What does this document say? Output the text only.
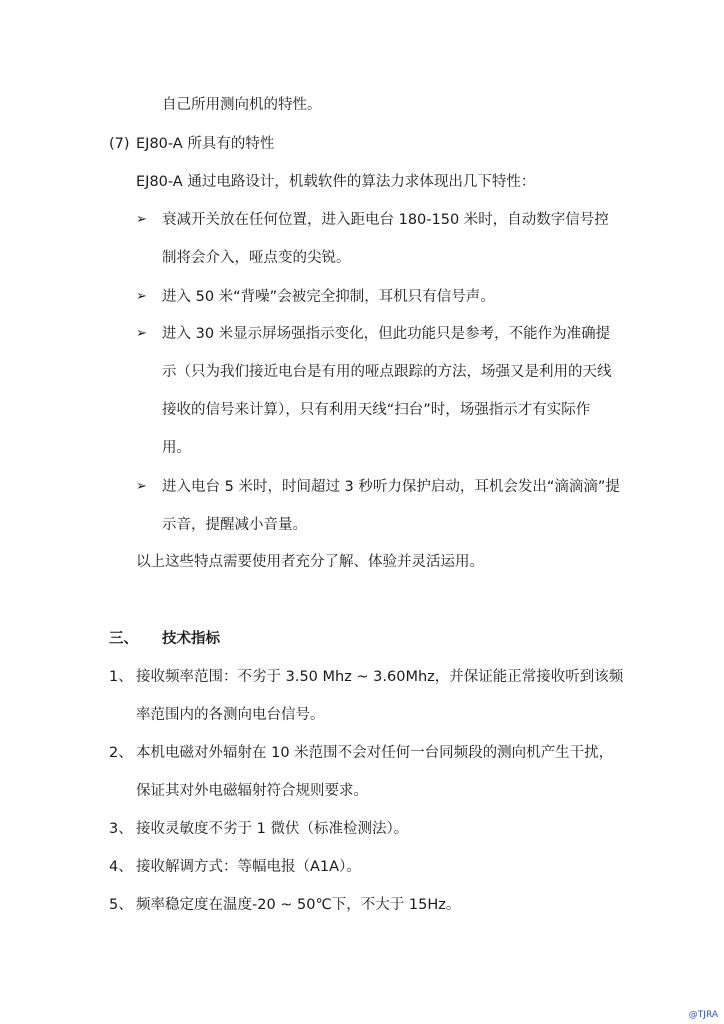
自己所用测向机的特性。
(7) EJ80-A 所具有的特性
EJ80-A 通过电路设计，机载软件的算法力求体现出几下特性：
➢ 衰减开关放在任何位置，进入距电台 180-150 米时，自动数字信号控
制将会介入，哑点变的尖锐。
➢ 进入 50 米“背噪”会被完全抑制，耳机只有信号声。
➢ 进入 30 米显示屏场强指示变化，但此功能只是参考，不能作为准确提
示（只为我们接近电台是有用的哑点跟踪的方法，场强又是利用的天线
接收的信号来计算），只有利用天线“扫台”时，场强指示才有实际作
用。
➢ 进入电台 5 米时，时间超过 3 秒听力保护启动，耳机会发出“滴滴滴”提
示音，提醒减小音量。
以上这些特点需要使用者充分了解、体验并灵活运用。
三、 技术指标
1、 接收频率范围：不劣于 3.50 Mhz ~ 3.60Mhz，并保证能正常接收听到该频
率范围内的各测向电台信号。
2、 本机电磁对外辐射在 10 米范围不会对任何一台同频段的测向机产生干扰，
保证其对外电磁辐射符合规则要求。
3、 接收灵敏度不劣于 1 微伏（标准检测法）。
4、 接收解调方式：等幅电报（A1A）。
5、 频率稳定度在温度-20 ~ 50℃下，不大于 15Hz。
@TJRA
